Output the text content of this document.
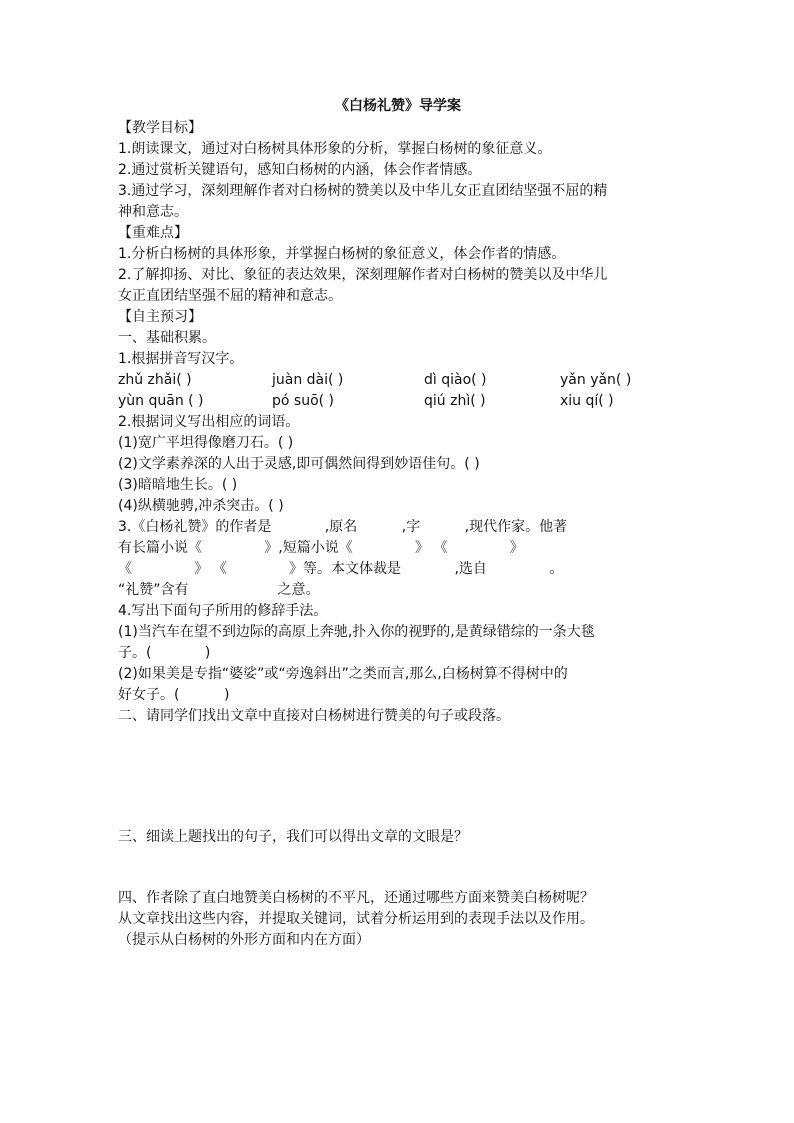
《白杨礼赞》导学案
【教学目标】
1.朗读课文，通过对白杨树具体形象的分析，掌握白杨树的象征意义。
2.通过赏析关键语句，感知白杨树的内涵，体会作者情感。
3.通过学习，深刻理解作者对白杨树的赞美以及中华儿女正直团结坚强不屈的精
神和意志。
【重难点】
1.分析白杨树的具体形象，并掌握白杨树的象征意义，体会作者的情感。
2.了解抑扬、对比、象征的表达效果，深刻理解作者对白杨树的赞美以及中华儿
女正直团结坚强不屈的精神和意志。
【自主预习】
一、基础积累。
1.根据拼音写汉字。
zhǔ zhǎi( )	juàn dài( )	dì qiào( )	yǎn yǎn( )
yùn quān ( )	pó suō( )	qiú zhì( )	xiu qí( )
2.根据词义写出相应的词语。
(1)宽广平坦得像磨刀石。( )
(2)文学素养深的人出于灵感,即可偶然间得到妙语佳句。( )
(3)暗暗地生长。( )
(4)纵横驰骋,冲杀突击。( )
3.《白杨礼赞》的作者是            ,原名          ,字          ,现代作家。他著
有长篇小说《              》,短篇小说《              》 《              》
《              》 《              》等。本文体裁是            ,选自              。
“礼赞”含有                    之意。
4.写出下面句子所用的修辞手法。
(1)当汽车在望不到边际的高原上奔驰,扑入你的视野的,是黄绿错综的一条大毯
子。(            )
(2)如果美是专指“婆娑”或“旁逸斜出”之类而言,那么,白杨树算不得树中的
好女子。(          )
二、请同学们找出文章中直接对白杨树进行赞美的句子或段落。
三、细读上题找出的句子，我们可以得出文章的文眼是？
四、作者除了直白地赞美白杨树的不平凡，还通过哪些方面来赞美白杨树呢？
从文章找出这些内容，并提取关键词，试着分析运用到的表现手法以及作用。
（提示从白杨树的外形方面和内在方面）
